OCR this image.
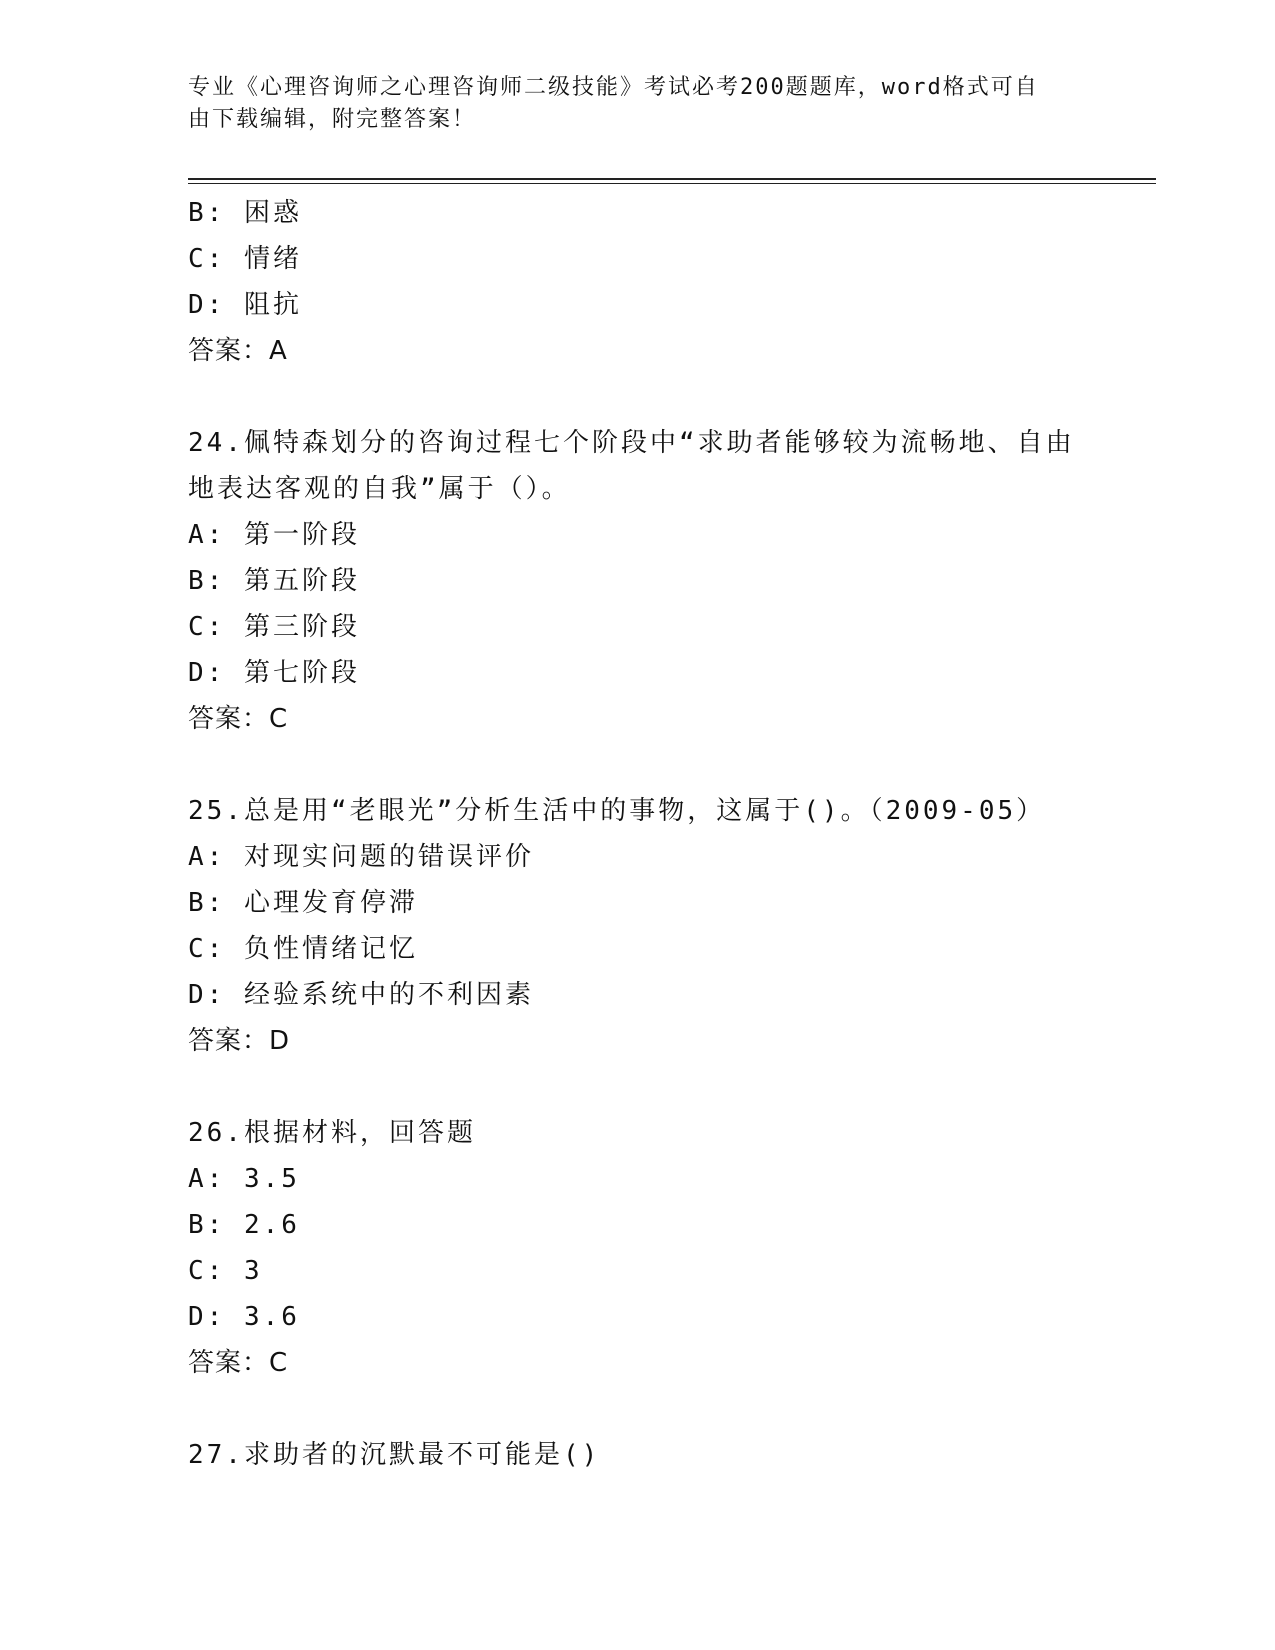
专业《心理咨询师之心理咨询师二级技能》考试必考200题题库，word格式可自
由下载编辑，附完整答案！
B: 困惑
C: 情绪
D: 阻抗
答案：A
24.佩特森划分的咨询过程七个阶段中“求助者能够较为流畅地、自由
地表达客观的自我”属于（）。
A: 第一阶段
B: 第五阶段
C: 第三阶段
D: 第七阶段
答案：C
25.总是用“老眼光”分析生活中的事物，这属于()。（2009-05）
A: 对现实问题的错误评价
B: 心理发育停滞
C: 负性情绪记忆
D: 经验系统中的不利因素
答案：D
26.根据材料，回答题
A: 3.5
B: 2.6
C: 3
D: 3.6
答案：C
27.求助者的沉默最不可能是()
